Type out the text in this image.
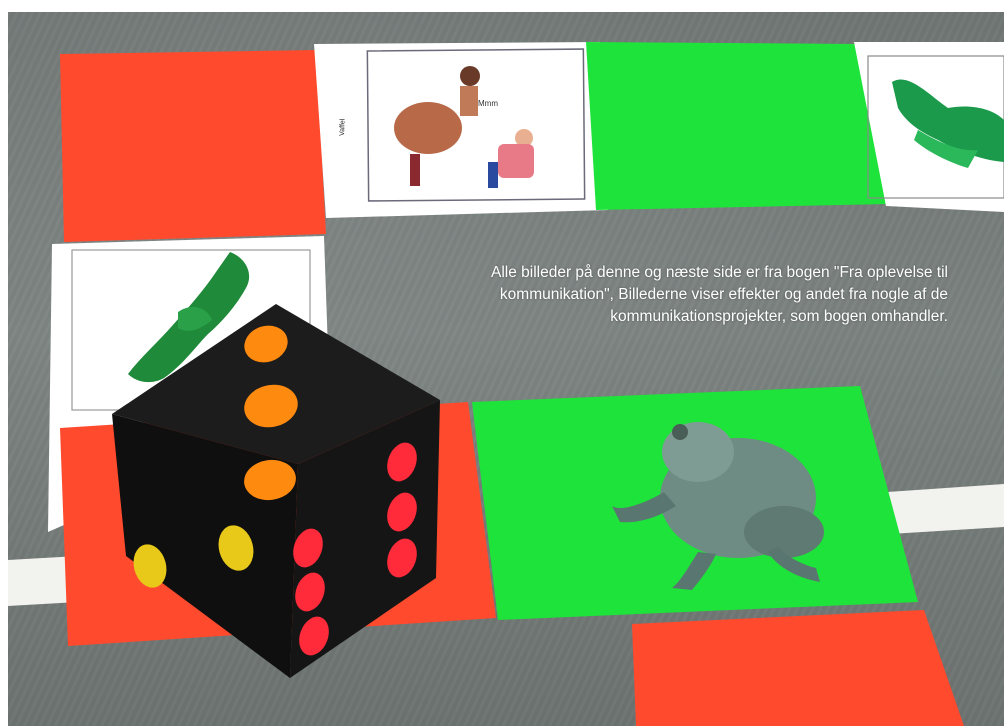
Mmm
Vaffel
Alle billeder på denne og næste side er fra bogen "Fra oplevelse til kommunikation", Billederne viser effekter og andet fra nogle af de kommunikationsprojekter, som bogen omhandler.
